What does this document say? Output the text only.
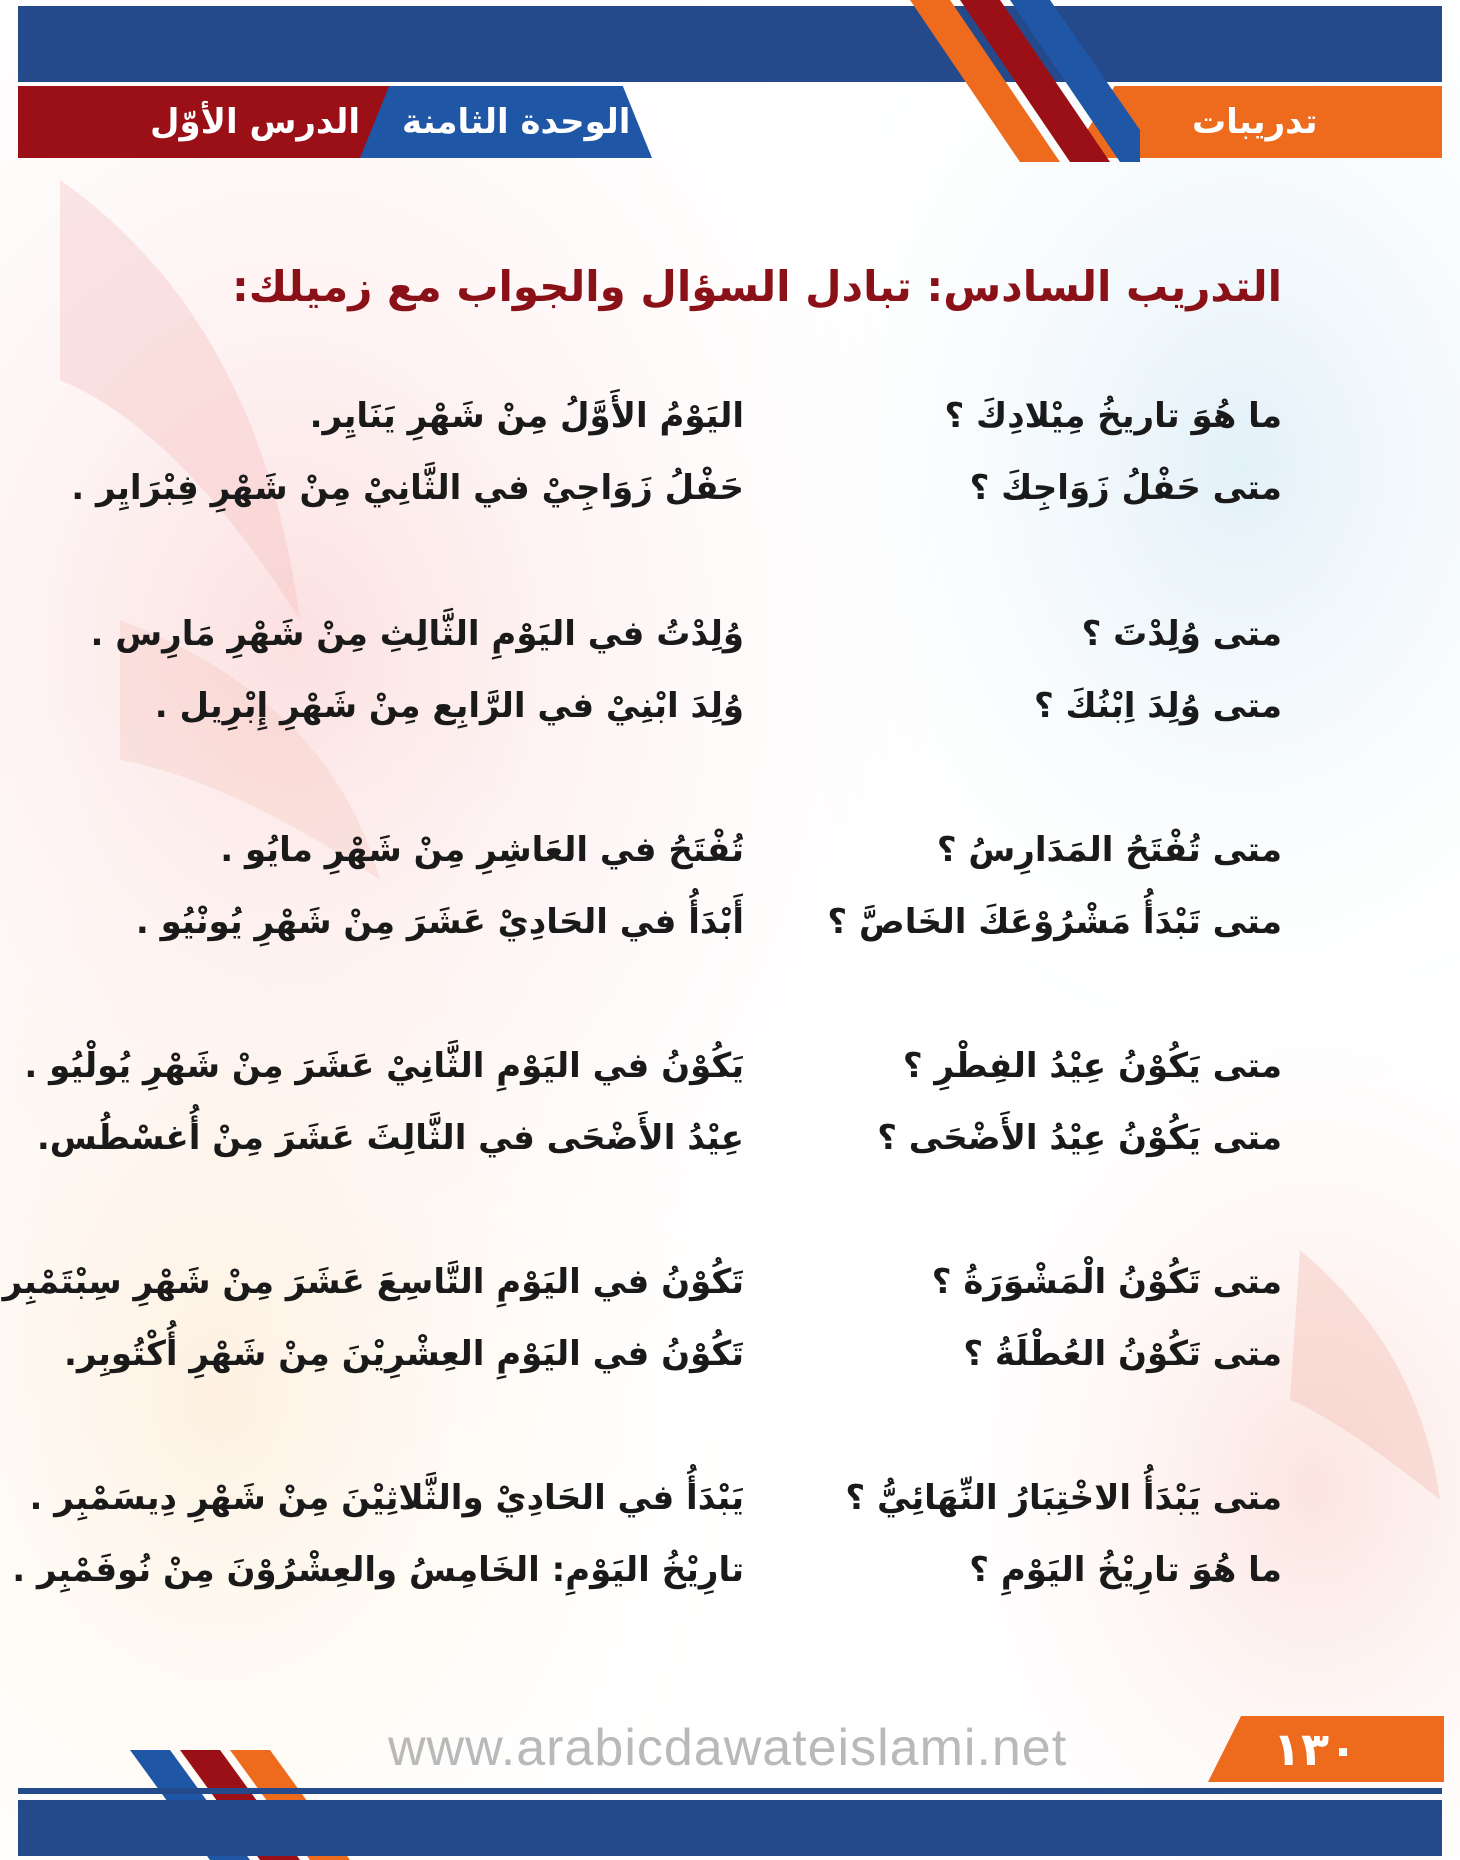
الدرس الأوّل الوحدة الثامنة	تدريبات
التدريب السادس: تبادل السؤال والجواب مع زميلك:
ما هُوَ تاريخُ مِيْلادِكَ ؟
اليَوْمُ الأَوَّلُ مِنْ شَهْرِ يَنَايِر.
متى حَفْلُ زَوَاجِكَ ؟
حَفْلُ زَوَاجِيْ في الثَّانِيْ مِنْ شَهْرِ فِبْرَايِر .
متى وُلِدْتَ ؟
وُلِدْتُ في اليَوْمِ الثَّالِثِ مِنْ شَهْرِ مَارِس .
متى وُلِدَ اِبْنُكَ ؟
وُلِدَ ابْنِيْ في الرَّابِع مِنْ شَهْرِ إِبْرِيل .
متى تُفْتَحُ المَدَارِسُ ؟
تُفْتَحُ في العَاشِرِ مِنْ شَهْرِ مايُو .
متى تَبْدَأُ مَشْرُوْعَكَ الخَاصَّ ؟
أَبْدَأُ في الحَادِيْ عَشَرَ مِنْ شَهْرِ يُونْيُو .
متى يَكُوْنُ عِيْدُ الفِطْرِ ؟
يَكُوْنُ في اليَوْمِ الثَّانِيْ عَشَرَ مِنْ شَهْرِ يُولْيُو .
متى يَكُوْنُ عِيْدُ الأَضْحَى ؟
عِيْدُ الأَضْحَى في الثَّالِثَ عَشَرَ مِنْ أُغسْطُس.
متى تَكُوْنُ الْمَشْوَرَةُ ؟
تَكُوْنُ في اليَوْمِ التَّاسِعَ عَشَرَ مِنْ شَهْرِ سِبْتَمْبِر
متى تَكُوْنُ العُطْلَةُ ؟
تَكُوْنُ في اليَوْمِ العِشْرِيْنَ مِنْ شَهْرِ أُكْتُوبِر.
متى يَبْدَأُ الاخْتِبَارُ النِّهَائِيُّ ؟
يَبْدَأُ في الحَادِيْ والثَّلاثِيْنَ مِنْ شَهْرِ دِيسَمْبِر .
ما هُوَ تارِيْخُ اليَوْمِ ؟
تارِيْخُ اليَوْمِ: الخَامِسُ والعِشْرُوْنَ مِنْ نُوفَمْبِر .
www.arabicdawateislami.net	١٣٠
